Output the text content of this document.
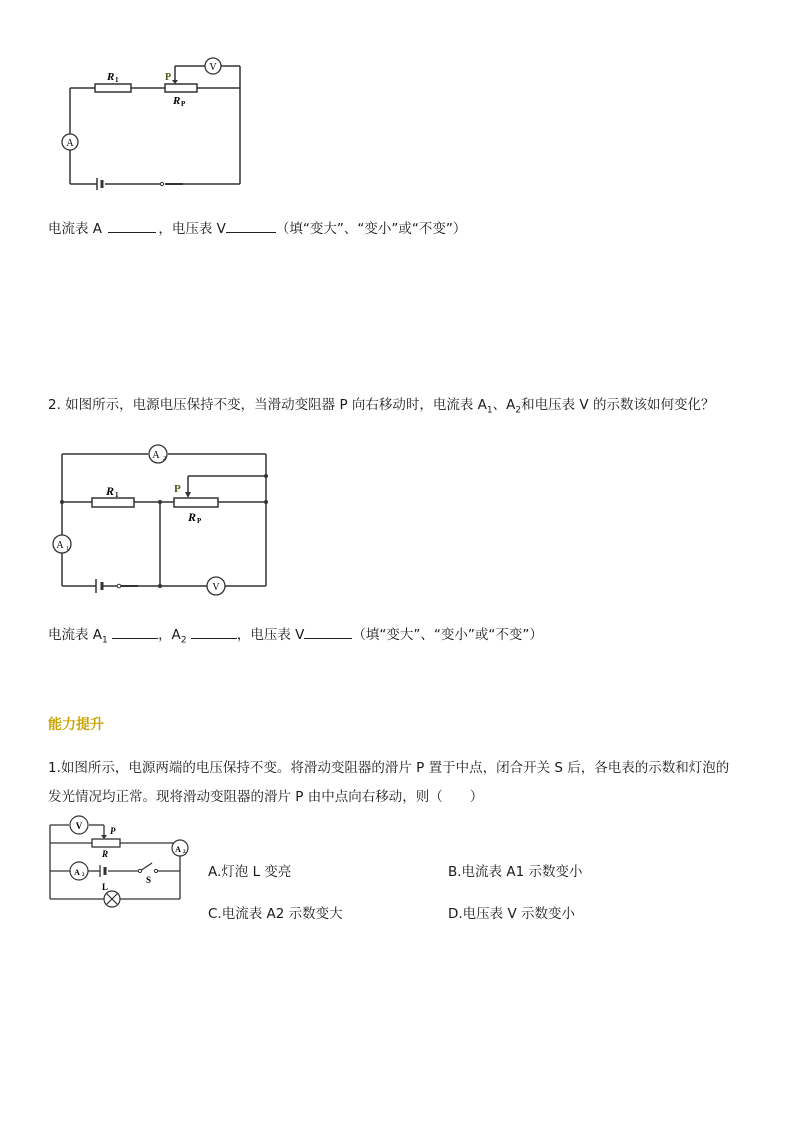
A
V
R 1	P
R P
电流表 A	，电压表 V	（填“变大”、“变小”或“不变”）
2. 如图所示，电源电压保持不变，当滑动变阻器 P 向右移动时，电流表 $A_1$、$A_2$和电压表 V 的示数该如何变化？
A 2
A 1
V
R 1	P
R P
电流表 $A_1$	，$A_2$	，电压表 V	（填“变大”、“变小”或“不变”）
能力提升
1.如图所示，电源两端的电压保持不变。将滑动变阻器的滑片 P 置于中点，闭合开关 S 后，各电表的示数和灯泡的
发光情况均正常。现将滑动变阻器的滑片 P 由中点向右移动，则（　　）
V
A 2
A 2
P
R
S
L
A.灯泡 L 变亮	B.电流表 A1 示数变小
C.电流表 A2 示数变大	D.电压表 V 示数变小
